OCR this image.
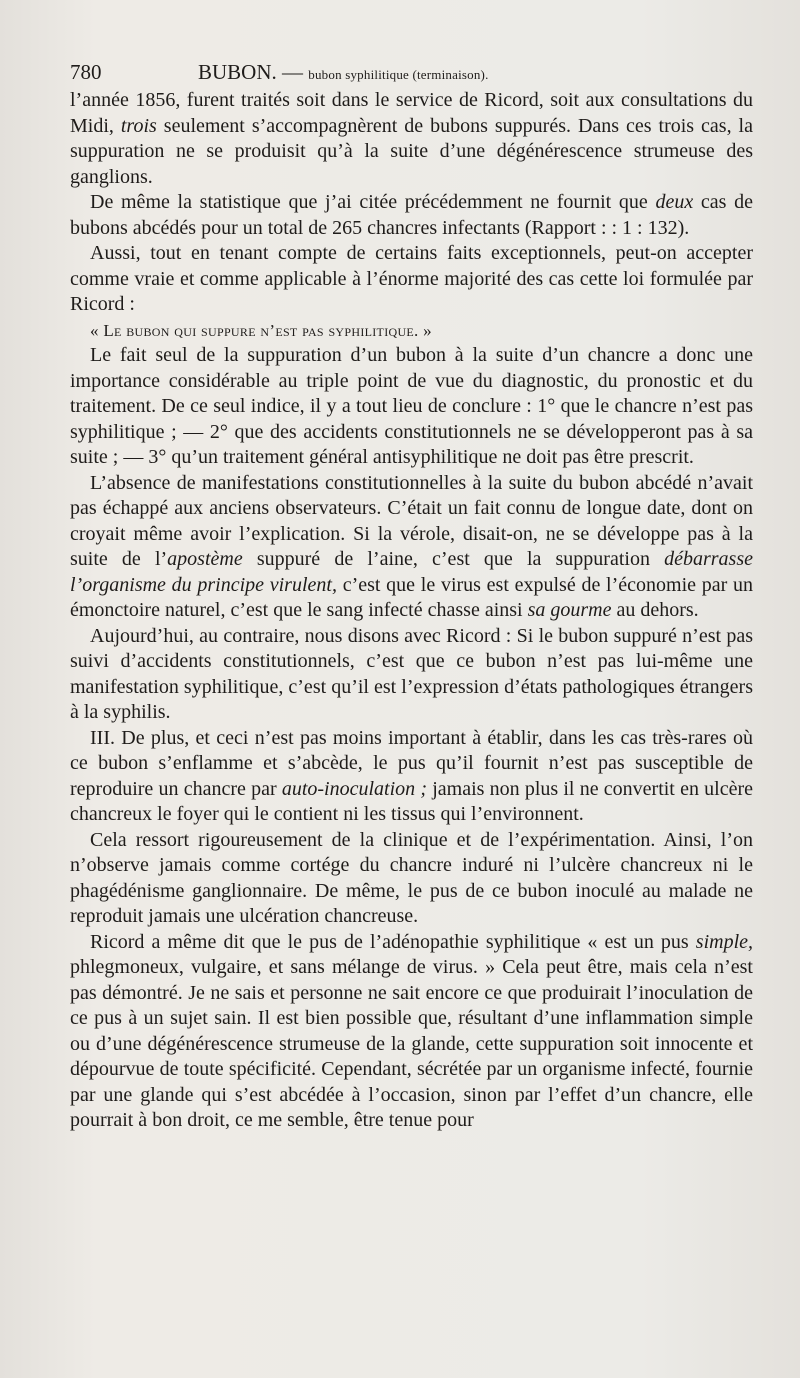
780	BUBON. — bubon syphilitique (terminaison).

l’année 1856, furent traités soit dans le service de Ricord, soit aux consultations du Midi, trois seulement s’accompagnèrent de bubons suppurés. Dans ces trois cas, la suppuration ne se produisit qu’à la suite d’une dégénérescence strumeuse des ganglions.

De même la statistique que j’ai citée précédemment ne fournit que deux cas de bubons abcédés pour un total de 265 chancres infectants (Rapport : : 1 : 132).

Aussi, tout en tenant compte de certains faits exceptionnels, peut-on accepter comme vraie et comme applicable à l’énorme majorité des cas cette loi formulée par Ricord :

« Le bubon qui suppure n’est pas syphilitique. »

Le fait seul de la suppuration d’un bubon à la suite d’un chancre a donc une importance considérable au triple point de vue du diagnostic, du pronostic et du traitement. De ce seul indice, il y a tout lieu de conclure : 1° que le chancre n’est pas syphilitique ; — 2° que des accidents constitutionnels ne se développeront pas à sa suite ; — 3° qu’un traitement général antisyphilitique ne doit pas être prescrit.

L’absence de manifestations constitutionnelles à la suite du bubon abcédé n’avait pas échappé aux anciens observateurs. C’était un fait connu de longue date, dont on croyait même avoir l’explication. Si la vérole, disait-on, ne se développe pas à la suite de l’apostème suppuré de l’aine, c’est que la suppuration débarrasse l’organisme du principe virulent, c’est que le virus est expulsé de l’économie par un émonctoire naturel, c’est que le sang infecté chasse ainsi sa gourme au dehors.

Aujourd’hui, au contraire, nous disons avec Ricord : Si le bubon suppuré n’est pas suivi d’accidents constitutionnels, c’est que ce bubon n’est pas lui-même une manifestation syphilitique, c’est qu’il est l’expression d’états pathologiques étrangers à la syphilis.

III. De plus, et ceci n’est pas moins important à établir, dans les cas très-rares où ce bubon s’enflamme et s’abcède, le pus qu’il fournit n’est pas susceptible de reproduire un chancre par auto-inoculation ; jamais non plus il ne convertit en ulcère chancreux le foyer qui le contient ni les tissus qui l’environnent.

Cela ressort rigoureusement de la clinique et de l’expérimentation. Ainsi, l’on n’observe jamais comme cortége du chancre induré ni l’ulcère chancreux ni le phagédénisme ganglionnaire. De même, le pus de ce bubon inoculé au malade ne reproduit jamais une ulcération chancreuse.

Ricord a même dit que le pus de l’adénopathie syphilitique « est un pus simple, phlegmoneux, vulgaire, et sans mélange de virus. » Cela peut être, mais cela n’est pas démontré. Je ne sais et personne ne sait encore ce que produirait l’inoculation de ce pus à un sujet sain. Il est bien possible que, résultant d’une inflammation simple ou d’une dégénérescence strumeuse de la glande, cette suppuration soit innocente et dépourvue de toute spécificité. Cependant, sécrétée par un organisme infecté, fournie par une glande qui s’est abcédée à l’occasion, sinon par l’effet d’un chancre, elle pourrait à bon droit, ce me semble, être tenue pour
